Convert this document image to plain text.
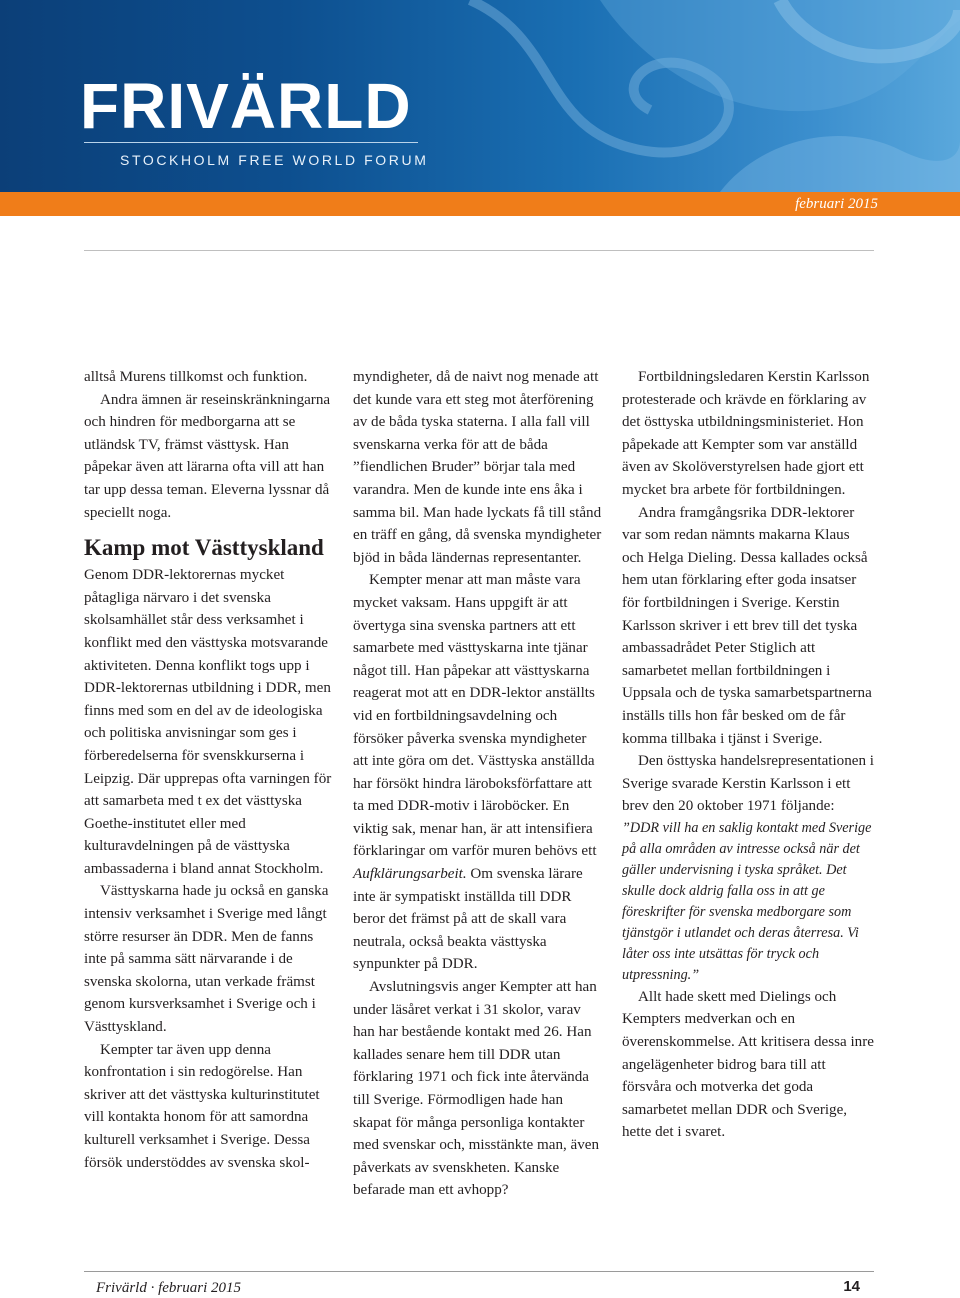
FRIVÄRLD
STOCKHOLM FREE WORLD FORUM
februari 2015

alltså Murens tillkomst och funktion.

Andra ämnen är reseinskränkningarna och hindren för medborgarna att se utländsk TV, främst västtysk. Han påpekar även att lärarna ofta vill att han tar upp dessa teman. Eleverna lyssnar då speciellt noga.

Kamp mot Västtyskland

Genom DDR-lektorernas mycket påtagliga närvaro i det svenska skolsamhället står dess verksamhet i konflikt med den västtyska motsvarande aktiviteten. Denna konflikt togs upp i DDR-lektorernas utbildning i DDR, men finns med som en del av de ideologiska och politiska anvisningar som ges i förberedelserna för svenskkurserna i Leipzig. Där upprepas ofta varningen för att samarbeta med t ex det västtyska Goethe-institutet eller med kulturavdelningen på de västtyska ambassaderna i bland annat Stockholm.

Västtyskarna hade ju också en ganska intensiv verksamhet i Sverige med långt större resurser än DDR. Men de fanns inte på samma sätt närvarande i de svenska skolorna, utan verkade främst genom kursverksamhet i Sverige och i Västtyskland.

Kempter tar även upp denna konfrontation i sin redogörelse. Han skriver att det västtyska kulturinstitutet vill kontakta honom för att samordna kulturell verksamhet i Sverige. Dessa försök understöddes av svenska skol-

myndigheter, då de naivt nog menade att det kunde vara ett steg mot återförening av de båda tyska staterna. I alla fall vill svenskarna verka för att de båda ”fiendlichen Bruder” börjar tala med varandra. Men de kunde inte ens åka i samma bil. Man hade lyckats få till stånd en träff en gång, då svenska myndigheter bjöd in båda ländernas representanter.

Kempter menar att man måste vara mycket vaksam. Hans uppgift är att övertyga sina svenska partners att ett samarbete med västtyskarna inte tjänar något till. Han påpekar att västtyskarna reagerat mot att en DDR-lektor anställts vid en fortbildningsavdelning och försöker påverka svenska myndigheter att inte göra om det. Västtyska anställda har försökt hindra läroboksförfattare att ta med DDR-motiv i läroböcker. En viktig sak, menar han, är att intensifiera förklaringar om varför muren behövs ett Aufklärungsarbeit. Om svenska lärare inte är sympatiskt inställda till DDR beror det främst på att de skall vara neutrala, också beakta västtyska synpunkter på DDR.

Avslutningsvis anger Kempter att han under läsåret verkat i 31 skolor, varav han har bestående kontakt med 26. Han kallades senare hem till DDR utan förklaring 1971 och fick inte återvända till Sverige. Förmodligen hade han skapat för många personliga kontakter med svenskar och, misstänkte man, även påverkats av svenskheten. Kanske befarade man ett avhopp?

Fortbildningsledaren Kerstin Karlsson protesterade och krävde en förklaring av det östtyska utbildningsministeriet. Hon påpekade att Kempter som var anställd även av Skolöverstyrelsen hade gjort ett mycket bra arbete för fortbildningen.

Andra framgångsrika DDR-lektorer var som redan nämnts makarna Klaus och Helga Dieling. Dessa kallades också hem utan förklaring efter goda insatser för fortbildningen i Sverige. Kerstin Karlsson skriver i ett brev till det tyska ambassadrådet Peter Stiglich att samarbetet mellan fortbildningen i Uppsala och de tyska samarbetspartnerna inställs tills hon får besked om de får komma tillbaka i tjänst i Sverige.

Den östtyska handelsrepresentationen i Sverige svarade Kerstin Karlsson i ett brev den 20 oktober 1971 följande:

”DDR vill ha en saklig kontakt med Sverige på alla områden av intresse också när det gäller undervisning i tyska språket. Det skulle dock aldrig falla oss in att ge föreskrifter för svenska medborgare som tjänstgör i utlandet och deras återresa. Vi låter oss inte utsättas för tryck och utpressning.”

Allt hade skett med Dielings och Kempters medverkan och en överenskommelse. Att kritisera dessa inre angelägenheter bidrog bara till att försvåra och motverka det goda samarbetet mellan DDR och Sverige, hette det i svaret.

Frivärld · februari 2015	14
